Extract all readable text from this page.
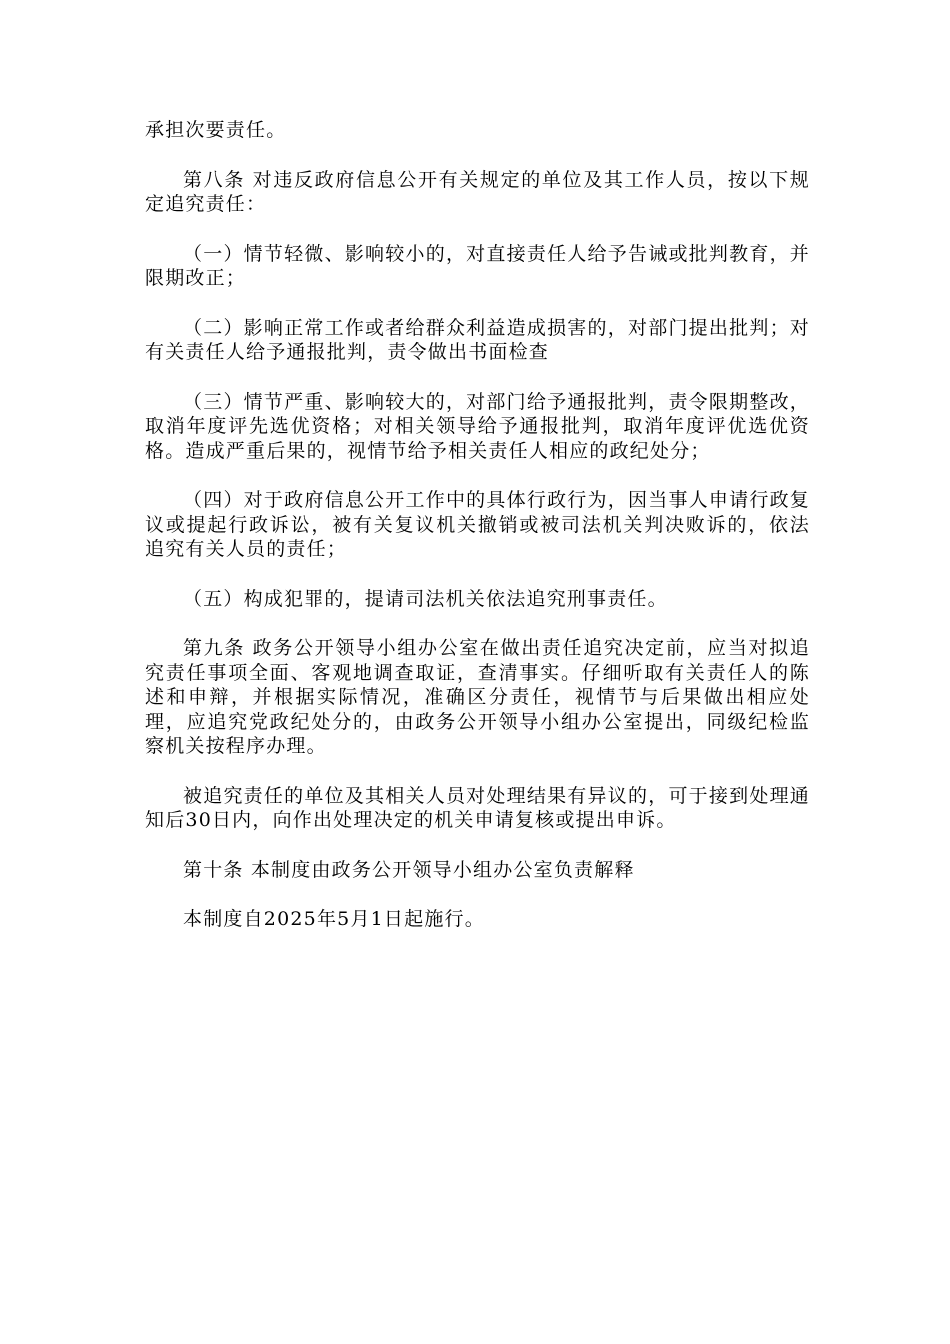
承担次要责任。

第八条 对违反政府信息公开有关规定的单位及其工作人员，按以下规定追究责任：

（一）情节轻微、影响较小的，对直接责任人给予告诫或批判教育，并限期改正；

（二）影响正常工作或者给群众利益造成损害的，对部门提出批判；对有关责任人给予通报批判，责令做出书面检查

（三）情节严重、影响较大的，对部门给予通报批判，责令限期整改，取消年度评先选优资格；对相关领导给予通报批判，取消年度评优选优资格。造成严重后果的，视情节给予相关责任人相应的政纪处分；

（四）对于政府信息公开工作中的具体行政行为，因当事人申请行政复议或提起行政诉讼，被有关复议机关撤销或被司法机关判决败诉的，依法追究有关人员的责任；

（五）构成犯罪的，提请司法机关依法追究刑事责任。

第九条 政务公开领导小组办公室在做出责任追究决定前，应当对拟追究责任事项全面、客观地调查取证，查清事实。仔细听取有关责任人的陈述和申辩，并根据实际情况，准确区分责任，视情节与后果做出相应处理，应追究党政纪处分的，由政务公开领导小组办公室提出，同级纪检监察机关按程序办理。

被追究责任的单位及其相关人员对处理结果有异议的，可于接到处理通知后30日内，向作出处理决定的机关申请复核或提出申诉。

第十条 本制度由政务公开领导小组办公室负责解释

本制度自2025年5月1日起施行。
